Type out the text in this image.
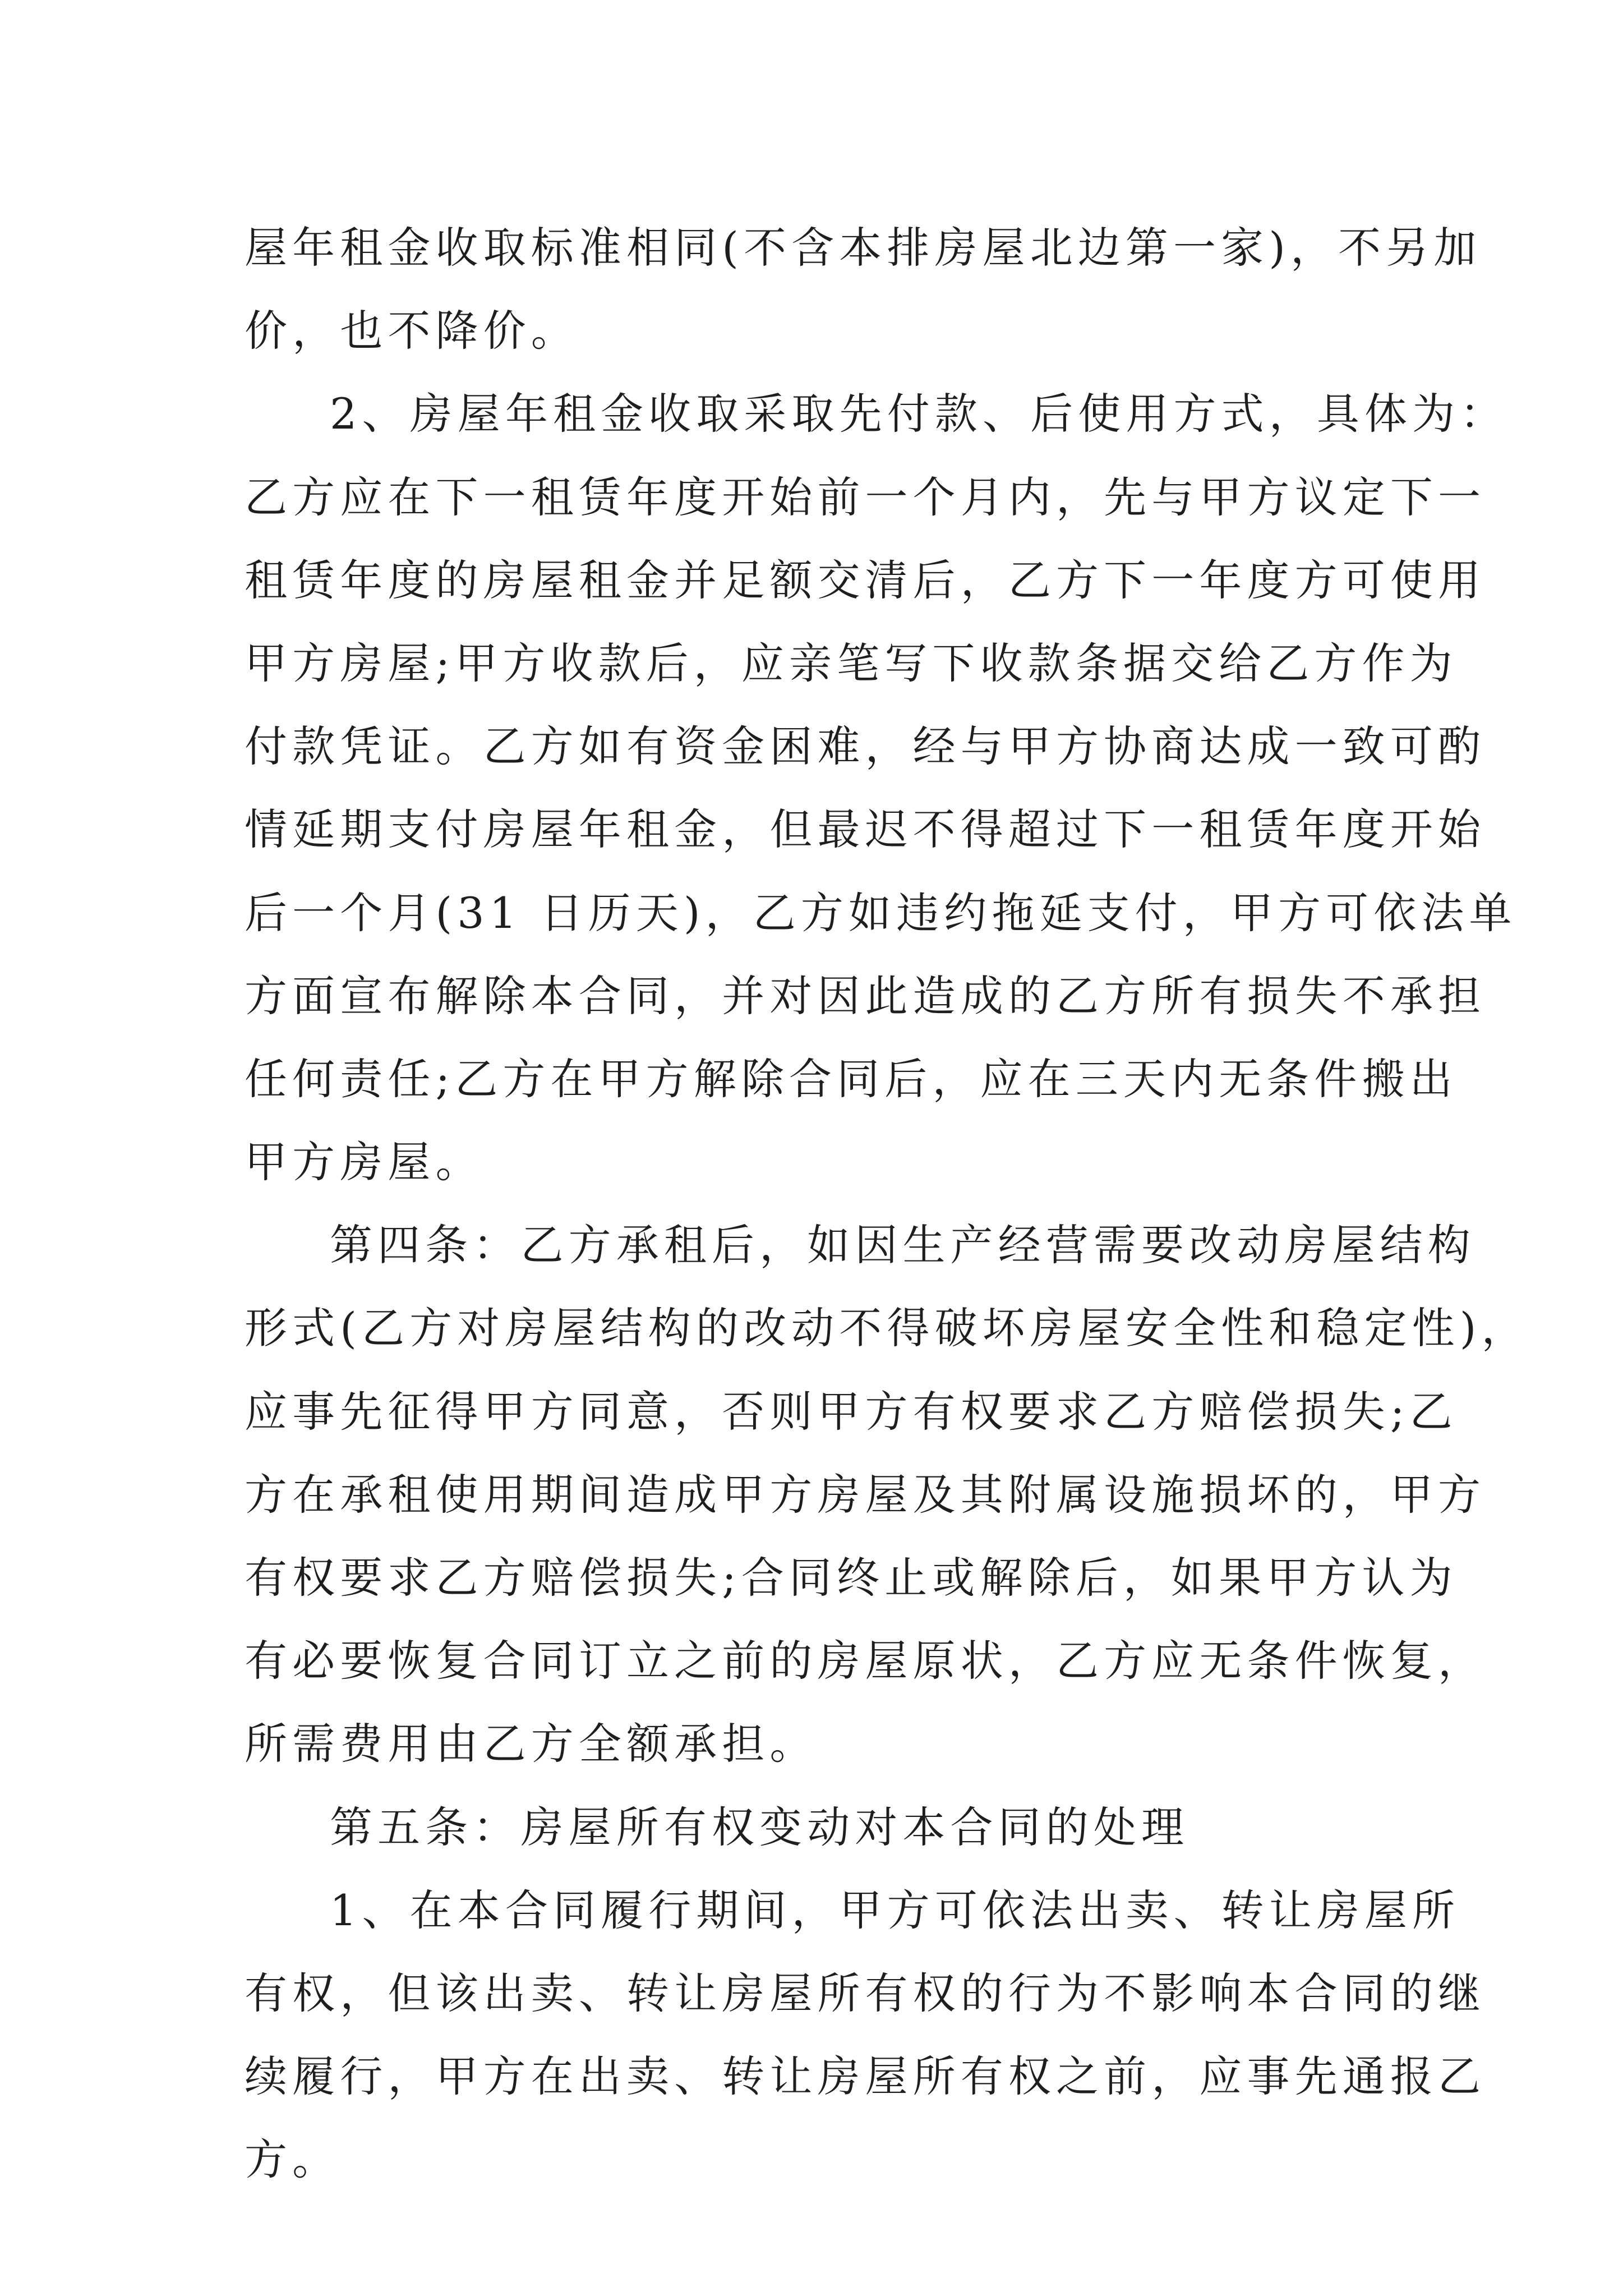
屋年租金收取标准相同(不含本排房屋北边第一家)，不另加
价，也不降价。
2、房屋年租金收取采取先付款、后使用方式，具体为：
乙方应在下一租赁年度开始前一个月内，先与甲方议定下一
租赁年度的房屋租金并足额交清后，乙方下一年度方可使用
甲方房屋;甲方收款后，应亲笔写下收款条据交给乙方作为
付款凭证。乙方如有资金困难，经与甲方协商达成一致可酌
情延期支付房屋年租金，但最迟不得超过下一租赁年度开始
后一个月(31 日历天)，乙方如违约拖延支付，甲方可依法单
方面宣布解除本合同，并对因此造成的乙方所有损失不承担
任何责任;乙方在甲方解除合同后，应在三天内无条件搬出
甲方房屋。
第四条：乙方承租后，如因生产经营需要改动房屋结构
形式(乙方对房屋结构的改动不得破坏房屋安全性和稳定性)，
应事先征得甲方同意，否则甲方有权要求乙方赔偿损失;乙
方在承租使用期间造成甲方房屋及其附属设施损坏的，甲方
有权要求乙方赔偿损失;合同终止或解除后，如果甲方认为
有必要恢复合同订立之前的房屋原状，乙方应无条件恢复，
所需费用由乙方全额承担。
第五条：房屋所有权变动对本合同的处理
1、在本合同履行期间，甲方可依法出卖、转让房屋所
有权，但该出卖、转让房屋所有权的行为不影响本合同的继
续履行，甲方在出卖、转让房屋所有权之前，应事先通报乙
方。
